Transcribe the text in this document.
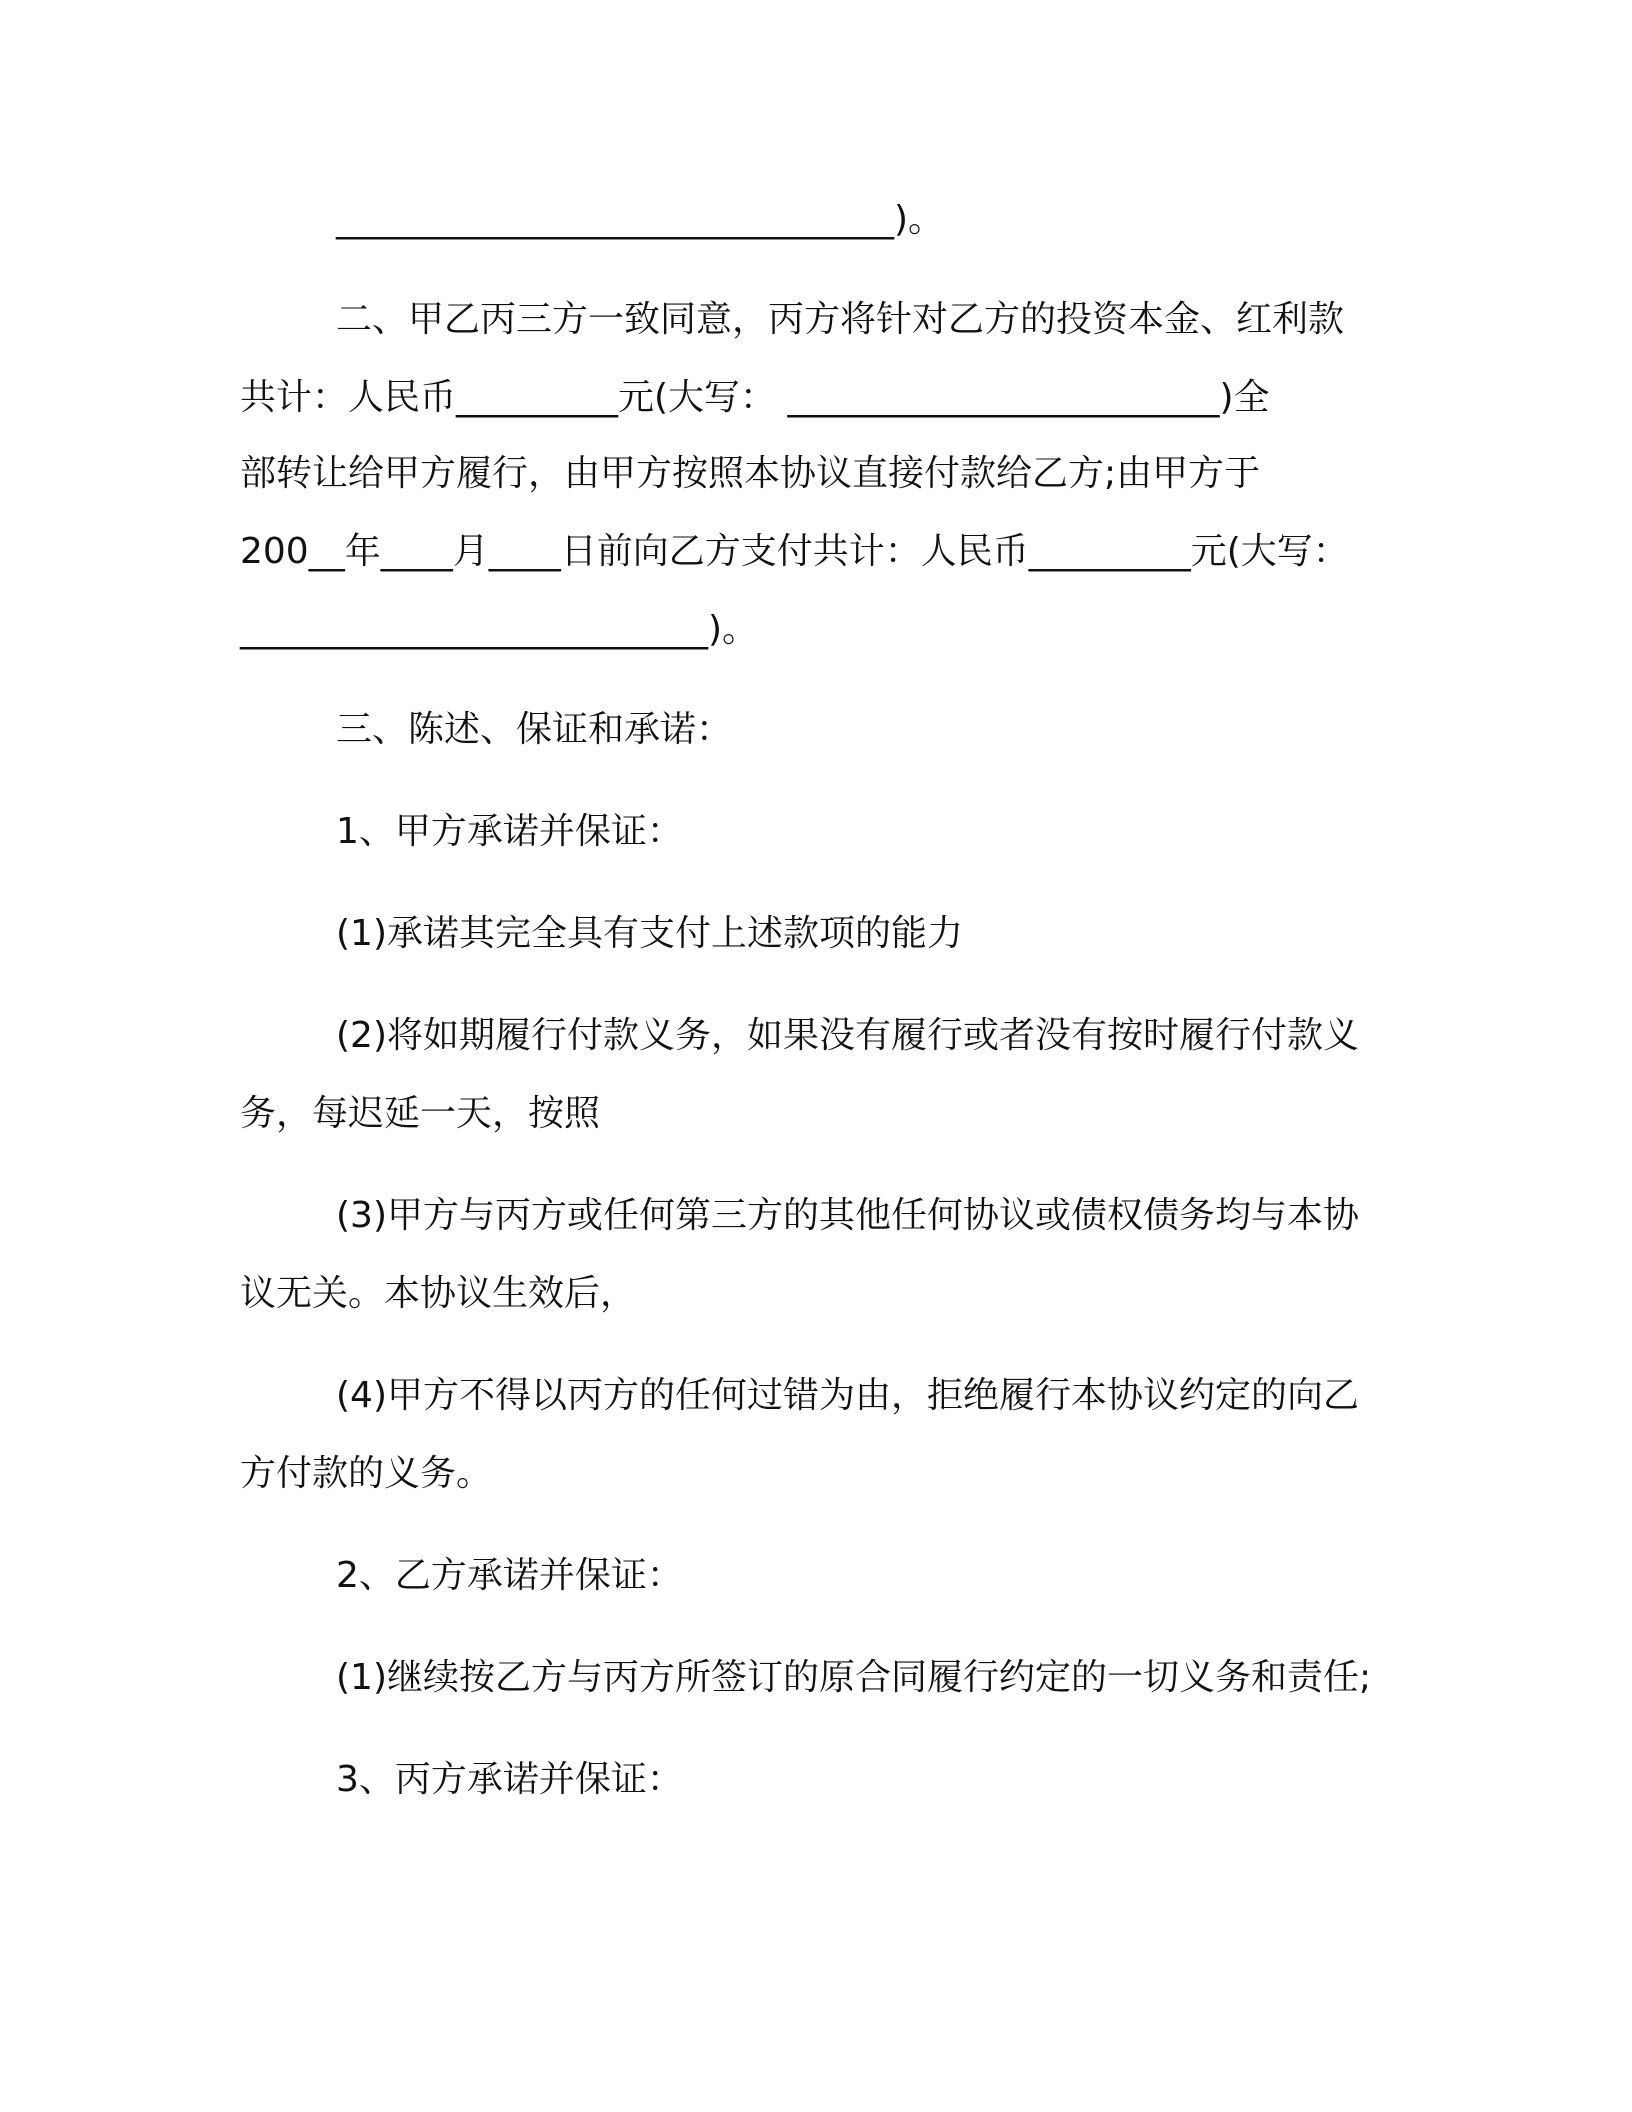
_______________________________)。
二、甲乙丙三方一致同意，丙方将针对乙方的投资本金、红利款
共计：人民币_________元(大写： ________________________)全
部转让给甲方履行，由甲方按照本协议直接付款给乙方;由甲方于
200__年____月____日前向乙方支付共计：人民币_________元(大写：
__________________________)。
三、陈述、保证和承诺：
1、甲方承诺并保证：
(1)承诺其完全具有支付上述款项的能力
(2)将如期履行付款义务，如果没有履行或者没有按时履行付款义
务，每迟延一天，按照
(3)甲方与丙方或任何第三方的其他任何协议或债权债务均与本协
议无关。本协议生效后，
(4)甲方不得以丙方的任何过错为由，拒绝履行本协议约定的向乙
方付款的义务。
2、乙方承诺并保证：
(1)继续按乙方与丙方所签订的原合同履行约定的一切义务和责任;
3、丙方承诺并保证：
